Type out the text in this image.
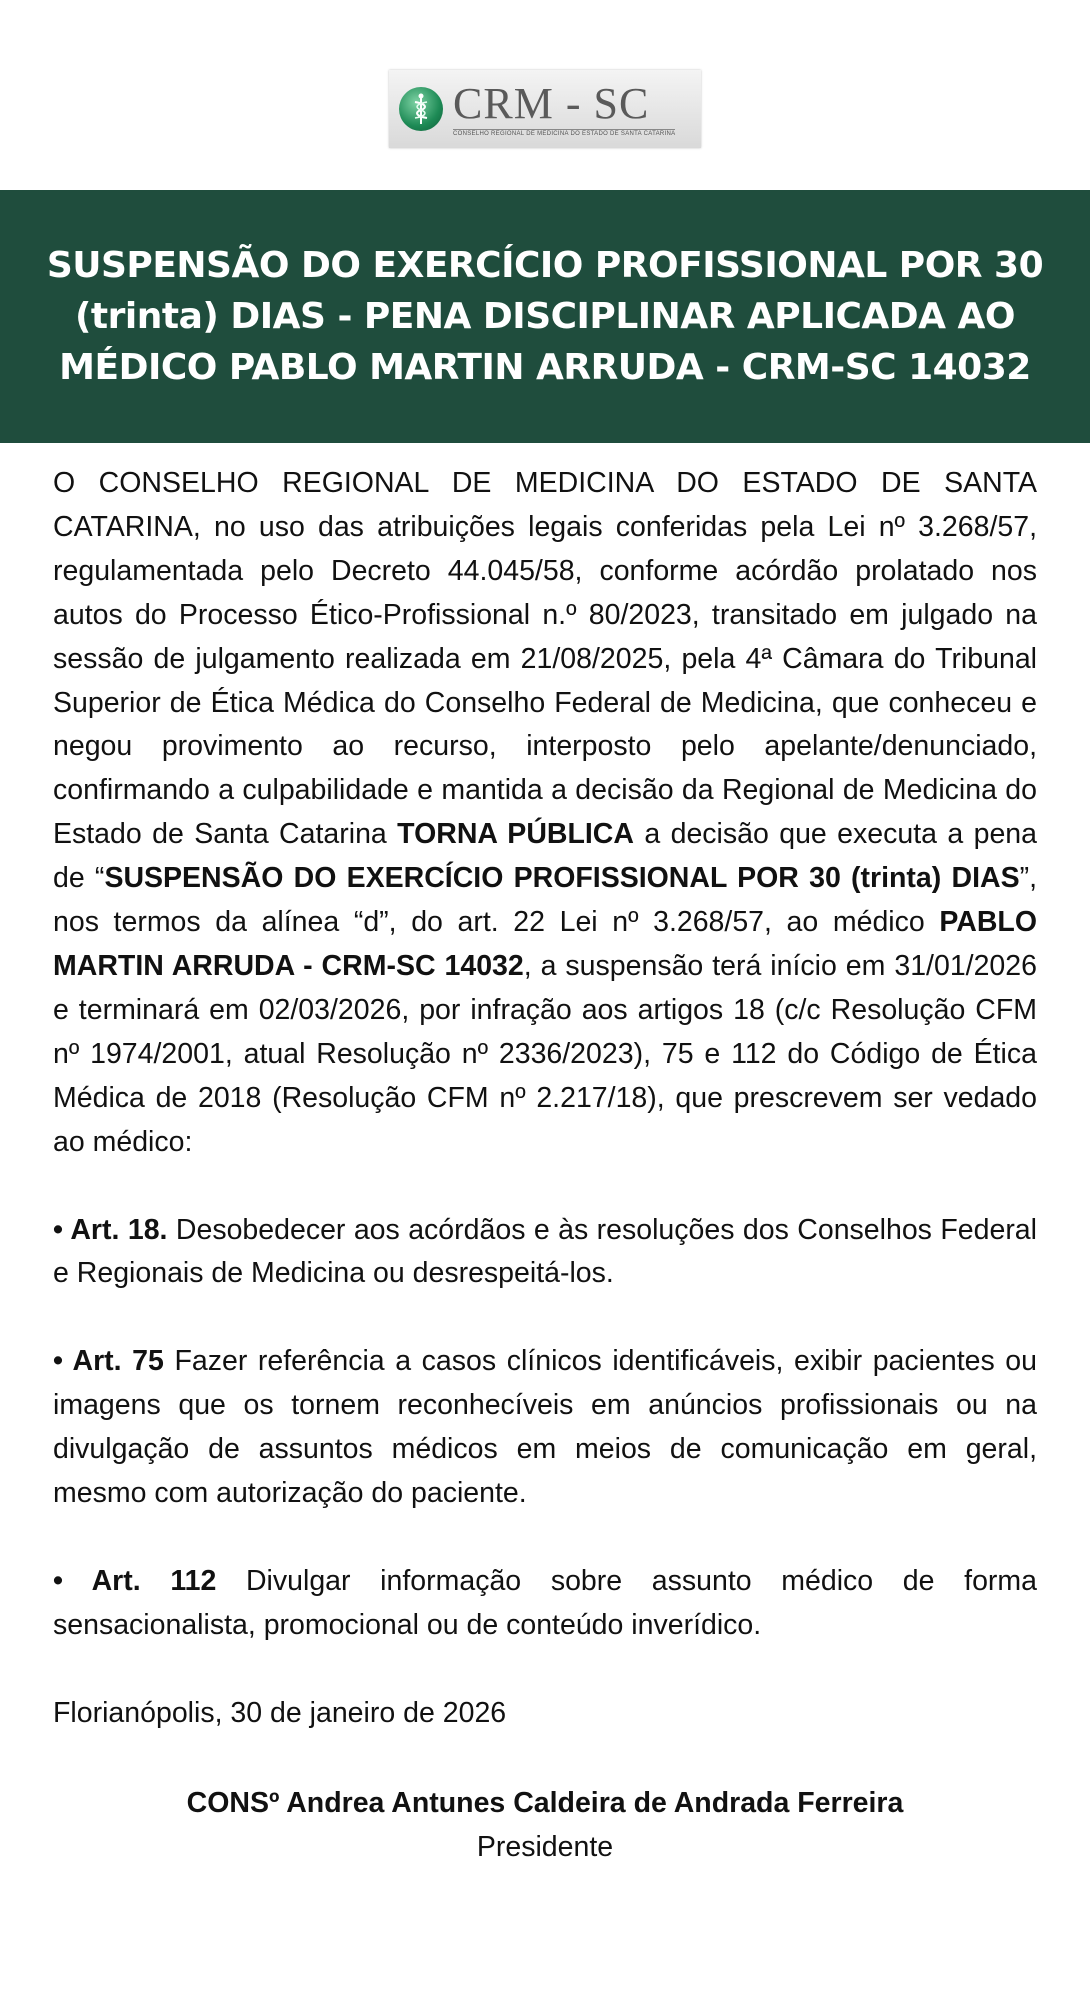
CRM - SC
CONSELHO REGIONAL DE MEDICINA DO ESTADO DE SANTA CATARINA
SUSPENSÃO DO EXERCÍCIO PROFISSIONAL POR 30 (trinta) DIAS - PENA DISCIPLINAR APLICADA AO MÉDICO PABLO MARTIN ARRUDA - CRM-SC 14032

O CONSELHO REGIONAL DE MEDICINA DO ESTADO DE SANTA CATARINA, no uso das atribuições legais conferidas pela Lei nº 3.268/57, regulamentada pelo Decreto 44.045/58, conforme acórdão prolatado nos autos do Processo Ético-Profissional n.º 80/2023, transitado em julgado na sessão de julgamento realizada em 21/08/2025, pela 4ª Câmara do Tribunal Superior de Ética Médica do Conselho Federal de Medicina, que conheceu e negou provimento ao recurso, interposto pelo apelante/denunciado, confirmando a culpabilidade e mantida a decisão da Regional de Medicina do Estado de Santa Catarina TORNA PÚBLICA a decisão que executa a pena de “SUSPENSÃO DO EXERCÍCIO PROFISSIONAL POR 30 (trinta) DIAS”, nos termos da alínea “d”, do art. 22 Lei nº 3.268/57, ao médico PABLO MARTIN ARRUDA - CRM-SC 14032, a suspensão terá início em 31/01/2026 e terminará em 02/03/2026, por infração aos artigos 18 (c/c Resolução CFM nº 1974/2001, atual Resolução nº 2336/2023), 75 e 112 do Código de Ética Médica de 2018 (Resolução CFM nº 2.217/18), que prescrevem ser vedado ao médico:

• Art. 18. Desobedecer aos acórdãos e às resoluções dos Conselhos Federal e Regionais de Medicina ou desrespeitá-los.

• Art. 75 Fazer referência a casos clínicos identificáveis, exibir pacientes ou imagens que os tornem reconhecíveis em anúncios profissionais ou na divulgação de assuntos médicos em meios de comunicação em geral, mesmo com autorização do paciente.

• Art. 112 Divulgar informação sobre assunto médico de forma sensacionalista, promocional ou de conteúdo inverídico.

Florianópolis, 30 de janeiro de 2026

CONSº Andrea Antunes Caldeira de Andrada Ferreira
Presidente
